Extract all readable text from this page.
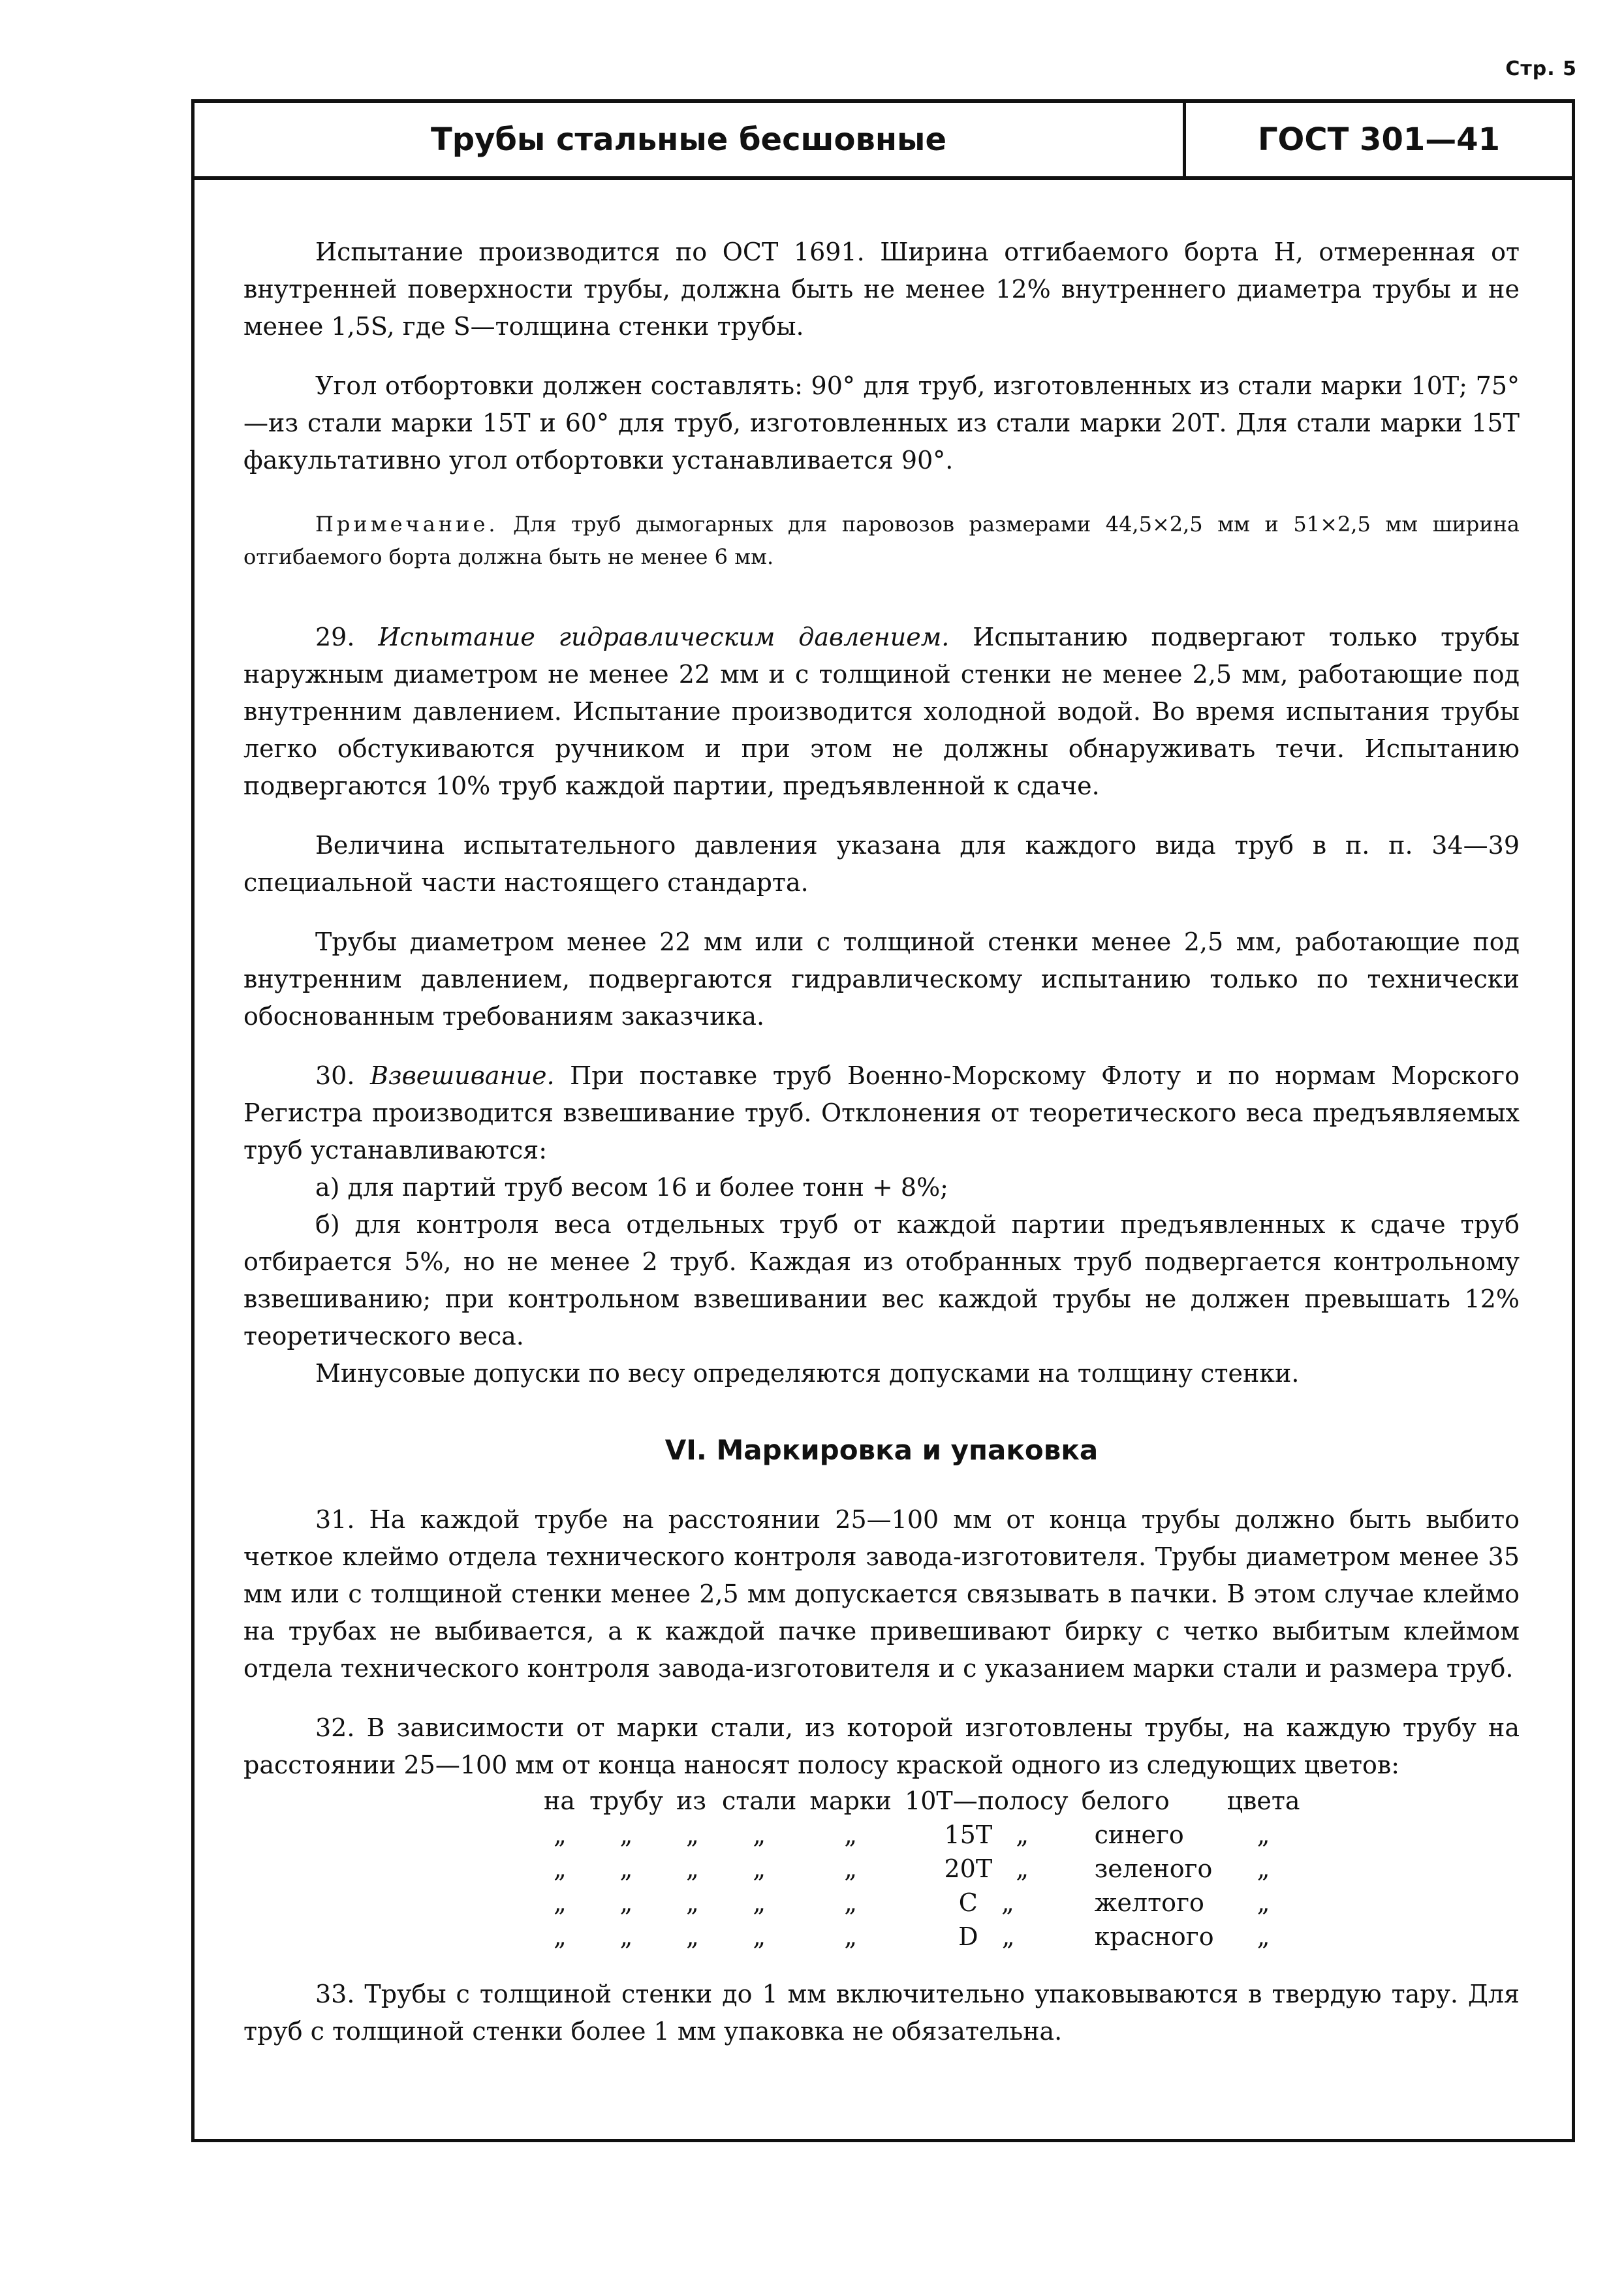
Стр. 5
Трубы стальные бесшовные	ГОСТ 301—41

Испытание производится по ОСТ 1691. Ширина отгибаемого борта H, отмеренная от внутренней поверхности трубы, должна быть не менее 12% внутреннего диаметра трубы и не менее 1,5S, где S—толщина стенки трубы.

Угол отбортовки должен составлять: 90° для труб, изготовленных из стали марки 10Т; 75°—из стали марки 15Т и 60° для труб, изготовленных из стали марки 20Т. Для стали марки 15Т факультативно угол отбортовки устанавливается 90°.

Примечание. Для труб дымогарных для паровозов размерами 44,5×2,5 мм и 51×2,5 мм ширина отгибаемого борта должна быть не менее 6 мм.

29. Испытание гидравлическим давлением. Испытанию подвергают только трубы наружным диаметром не менее 22 мм и с толщиной стенки не менее 2,5 мм, работающие под внутренним давлением. Испытание производится холодной водой. Во время испытания трубы легко обстукиваются ручником и при этом не должны обнаруживать течи. Испытанию подвергаются 10% труб каждой партии, предъявленной к сдаче.

Величина испытательного давления указана для каждого вида труб в п. п. 34—39 специальной части настоящего стандарта.

Трубы диаметром менее 22 мм или с толщиной стенки менее 2,5 мм, работающие под внутренним давлением, подвергаются гидравлическому испытанию только по технически обоснованным требованиям заказчика.

30. Взвешивание. При поставке труб Военно-Морскому Флоту и по нормам Морского Регистра производится взвешивание труб. Отклонения от теоретического веса предъявляемых труб устанавливаются:

а) для партий труб весом 16 и более тонн + 8%;

б) для контроля веса отдельных труб от каждой партии предъявленных к сдаче труб отбирается 5%, но не менее 2 труб. Каждая из отобранных труб подвергается контрольному взвешиванию; при контрольном взвешивании вес каждой трубы не должен превышать 12% теоретического веса.

Минусовые допуски по весу определяются допусками на толщину стенки.

VI. Маркировка и упаковка

31. На каждой трубе на расстоянии 25—100 мм от конца трубы должно быть выбито четкое клеймо отдела технического контроля завода-изготовителя. Трубы диаметром менее 35 мм или с толщиной стенки менее 2,5 мм допускается связывать в пачки. В этом случае клеймо на трубах не выбивается, а к каждой пачке привешивают бирку с четко выбитым клеймом отдела технического контроля завода-изготовителя и с указанием марки стали и размера труб.

32. В зависимости от марки стали, из которой изготовлены трубы, на каждую трубу на расстоянии 25—100 мм от конца наносят полосу краской одного из следующих цветов:

на	трубу	из	стали	марки	10Т—полосу	белого	цвета
„	„	„	„	„	15Т „	синего	„
„	„	„	„	„	20Т „	зеленого	„
„	„	„	„	„	С „	желтого	„
„	„	„	„	„	D „	красного	„

33. Трубы с толщиной стенки до 1 мм включительно упаковываются в твердую тару. Для труб с толщиной стенки более 1 мм упаковка не обязательна.
